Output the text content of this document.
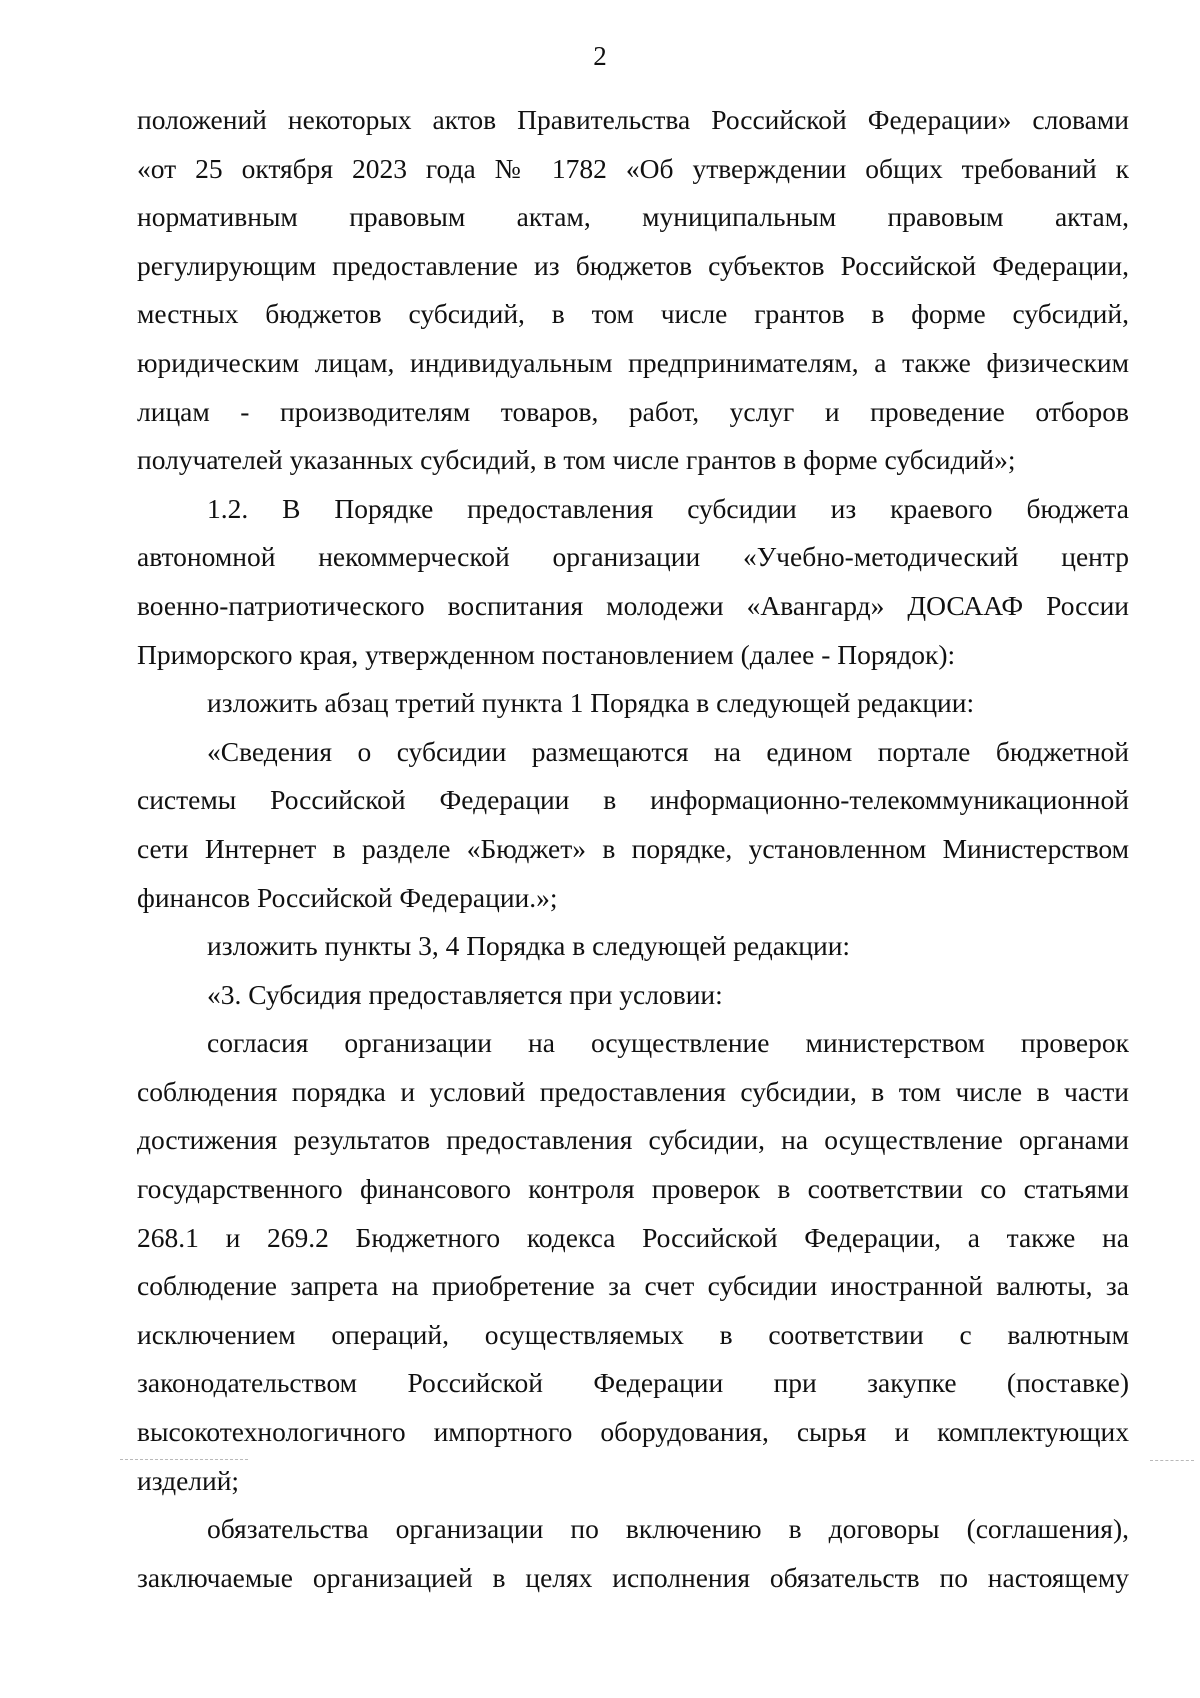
2
положений некоторых актов Правительства Российской Федерации» словами
«от 25 октября 2023 года № 1782 «Об утверждении общих требований к
нормативным правовым актам, муниципальным правовым актам,
регулирующим предоставление из бюджетов субъектов Российской Федерации,
местных бюджетов субсидий, в том числе грантов в форме субсидий,
юридическим лицам, индивидуальным предпринимателям, а также физическим
лицам - производителям товаров, работ, услуг и проведение отборов
получателей указанных субсидий, в том числе грантов в форме субсидий»;
1.2. В Порядке предоставления субсидии из краевого бюджета
автономной некоммерческой организации «Учебно-методический центр
военно-патриотического воспитания молодежи «Авангард» ДОСААФ России
Приморского края, утвержденном постановлением (далее - Порядок):
изложить абзац третий пункта 1 Порядка в следующей редакции:
«Сведения о субсидии размещаются на едином портале бюджетной
системы Российской Федерации в информационно-телекоммуникационной
сети Интернет в разделе «Бюджет» в порядке, установленном Министерством
финансов Российской Федерации.»;
изложить пункты 3, 4 Порядка в следующей редакции:
«3. Субсидия предоставляется при условии:
согласия организации на осуществление министерством проверок
соблюдения порядка и условий предоставления субсидии, в том числе в части
достижения результатов предоставления субсидии, на осуществление органами
государственного финансового контроля проверок в соответствии со статьями
268.1 и 269.2 Бюджетного кодекса Российской Федерации, а также на
соблюдение запрета на приобретение за счет субсидии иностранной валюты, за
исключением операций, осуществляемых в соответствии с валютным
законодательством Российской Федерации при закупке (поставке)
высокотехнологичного импортного оборудования, сырья и комплектующих
изделий;
обязательства организации по включению в договоры (соглашения),
заключаемые организацией в целях исполнения обязательств по настоящему
